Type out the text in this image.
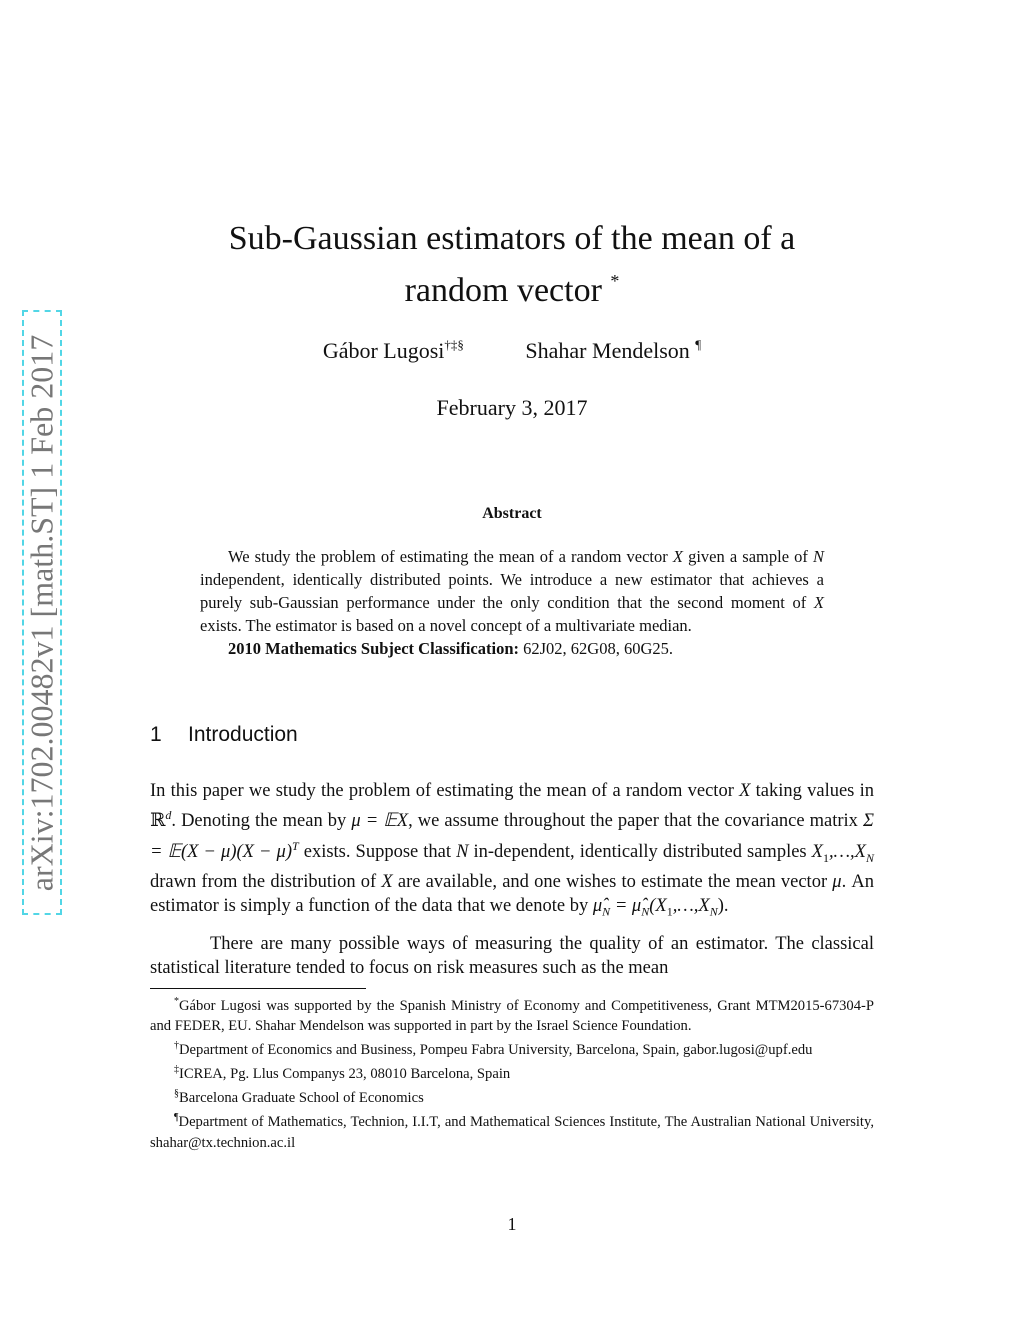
arXiv:1702.00482v1 [math.ST] 1 Feb 2017
Sub-Gaussian estimators of the mean of a
random vector *
Gábor Lugosi†‡§	Shahar Mendelson ¶
February 3, 2017
Abstract

We study the problem of estimating the mean of a random vector X given a sample of N independent, identically distributed points. We introduce a new estimator that achieves a purely sub-Gaussian performance under the only condition that the second moment of X exists. The estimator is based on a novel concept of a multivariate median.

2010 Mathematics Subject Classification: 62J02, 62G08, 60G25.

1 Introduction

In this paper we study the problem of estimating the mean of a random vector X taking values in ℝ$^d$. Denoting the mean by μ = 𝔼X, we assume throughout the paper that the covariance matrix Σ = 𝔼(X − $\mu)(X - \mu)^T$ exists. Suppose that N in-dependent, identically distributed samples $X_1,\dots,X_N$ drawn from the distribution of X are available, and one wishes to estimate the mean vector μ. An estimator is simply a function of the data that we denote by $\mû_N$ = $\mû_N(X_1,\dots,X_N)$.

There are many possible ways of measuring the quality of an estimator. The classical statistical literature tended to focus on risk measures such as the mean

*Gábor Lugosi was supported by the Spanish Ministry of Economy and Competitiveness, Grant MTM2015-67304-P and FEDER, EU. Shahar Mendelson was supported in part by the Israel Science Foundation.

†Department of Economics and Business, Pompeu Fabra University, Barcelona, Spain, gabor.lugosi@upf.edu

‡ICREA, Pg. Llus Companys 23, 08010 Barcelona, Spain

§Barcelona Graduate School of Economics

¶Department of Mathematics, Technion, I.I.T, and Mathematical Sciences Institute, The Australian National University, shahar@tx.technion.ac.il

1
